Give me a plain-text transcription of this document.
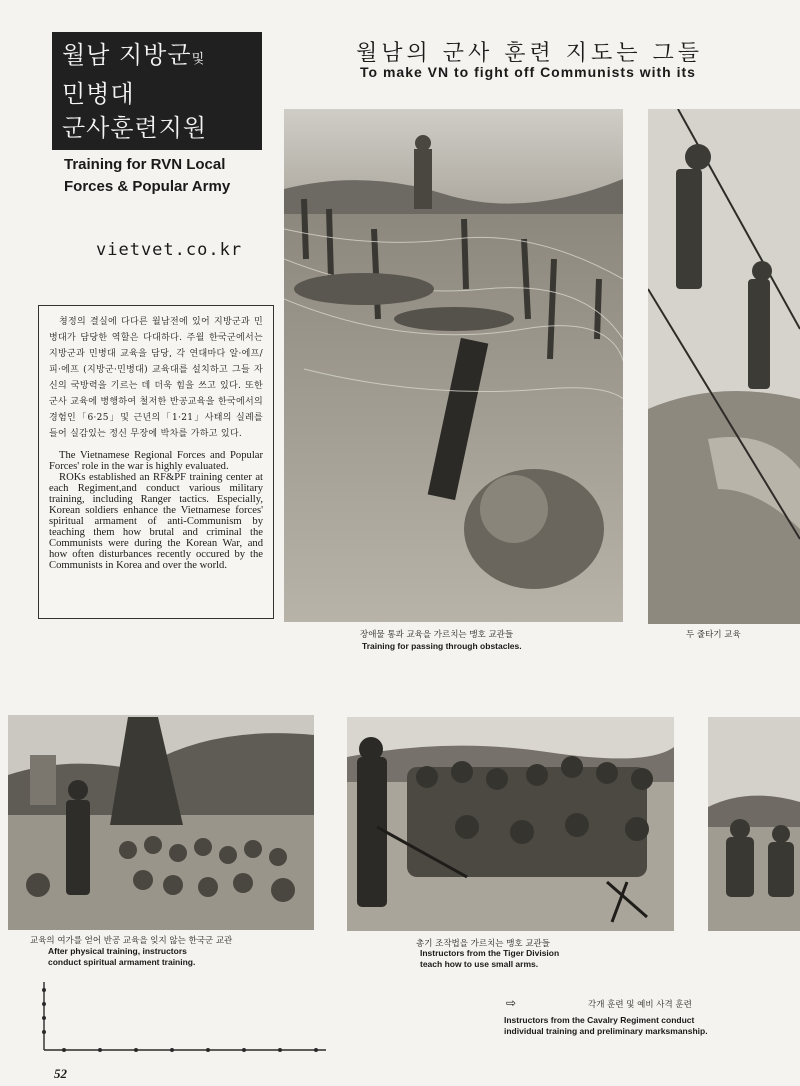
월남 지방군및
민병대
군사훈련지원
Training for RVN Local
Forces & Popular Army
월남의 군사 훈련 지도는 그들
To make VN to fight off Communists with its
vietvet.co.kr

쳥정의 결실에 다다른 월남전에 있어 지방군과 민병대가 담당한 역할은 다대하다. 주월 한국군에서는 지방군과 민병대 교육을 담당, 각 연대마다 알·에프/피·에프 (지방군·민병대) 교육대를 설치하고 그들 자신의 국방력을 기르는 데 더욱 힘을 쓰고 있다. 또한 군사 교육에 병행하여 철저한 반공교육을 한국에서의 경험인「6·25」및 근년의「1·21」사태의 실례를 들어 실감있는 정신 무장에 박차를 가하고 있다.

The Vietnamese Regional Forces and Popular Forces' role in the war is highly evaluated.
ROKs established an RF&PF training center at each Regiment,and conduct various military training, including Ranger tactics. Especially, Korean soldiers enhance the Vietnamese forces' spiritual armament of anti-Communism by teaching them how brutal and criminal the Communists were during the Korean War, and how often disturbances recently occured by the Communists in Korea and over the world.

장애물 통과 교육을 가르치는 맹호 교관들
Training for passing through obstacles.
두 줄타기 교육
교육의 여가를 얻어 반공 교육을 잊지 않는 한국군 교관
After physical training, instructors
conduct spiritual armament training.
총기 조작법을 가르치는 맹호 교관들
Instructors from the Tiger Division
teach how to use small arms.
⇨	각개 훈련 및 예비 사격 훈련
Instructors from the Cavalry Regiment conduct
individual training and preliminary marksmanship.
52
